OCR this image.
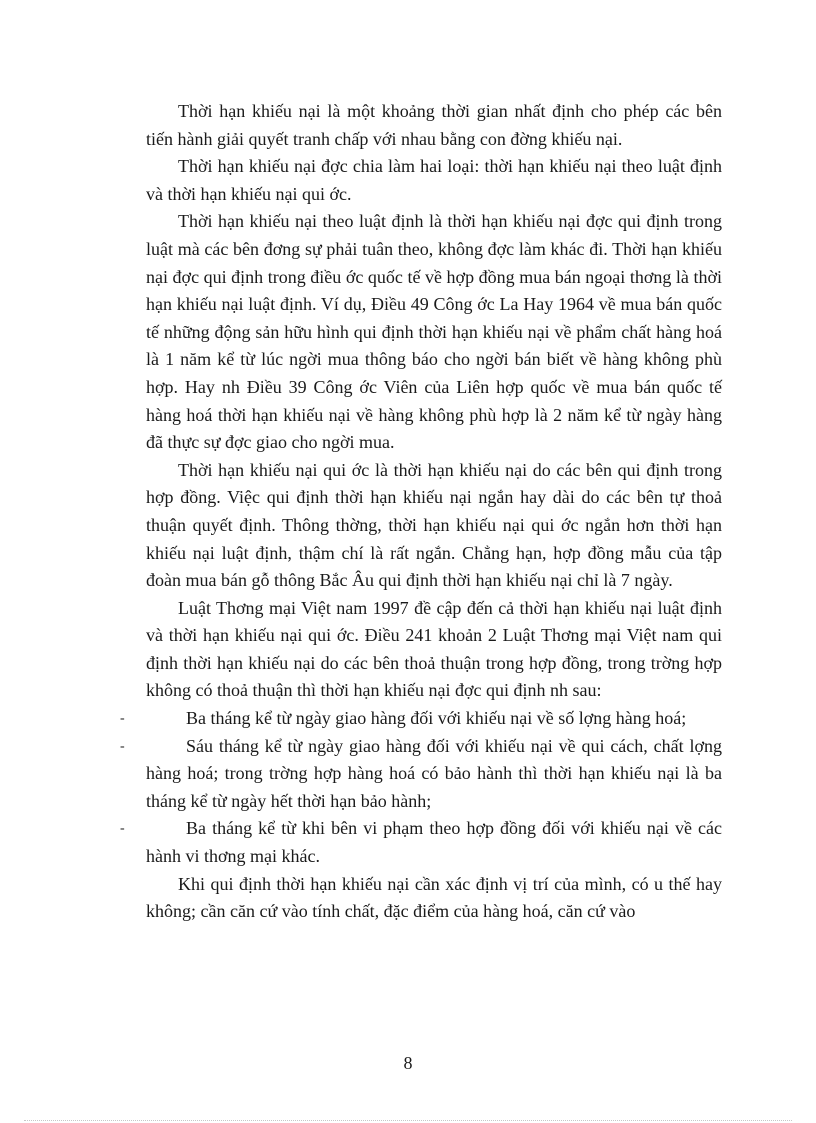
Thời hạn khiếu nại là một khoảng thời gian nhất định cho phép các bên tiến hành giải quyết tranh chấp với nhau bằng con đờng khiếu nại.

Thời hạn khiếu nại đợc chia làm hai loại: thời hạn khiếu nại theo luật định và thời hạn khiếu nại qui ớc.

Thời hạn khiếu nại theo luật định là thời hạn khiếu nại đợc qui định trong luật mà các bên đơng sự phải tuân theo, không đợc làm khác đi. Thời hạn khiếu nại đợc qui định trong điều ớc quốc tế về hợp đồng mua bán ngoại thơng là thời hạn khiếu nại luật định. Ví dụ, Điều 49 Công ớc La Hay 1964 về mua bán quốc tế những động sản hữu hình qui định thời hạn khiếu nại về phẩm chất hàng hoá là 1 năm kể từ lúc ngời mua thông báo cho ngời bán biết về hàng không phù hợp. Hay nh Điều 39 Công ớc Viên của Liên hợp quốc về mua bán quốc tế hàng hoá thời hạn khiếu nại về hàng không phù hợp là 2 năm kể từ ngày hàng đã thực sự đợc giao cho ngời mua.

Thời hạn khiếu nại qui ớc là thời hạn khiếu nại do các bên qui định trong hợp đồng. Việc qui định thời hạn khiếu nại ngắn hay dài do các bên tự thoả thuận quyết định. Thông thờng, thời hạn khiếu nại qui ớc ngắn hơn thời hạn khiếu nại luật định, thậm chí là rất ngắn. Chẳng hạn, hợp đồng mẫu của tập đoàn mua bán gỗ thông Bắc Âu qui định thời hạn khiếu nại chỉ là 7 ngày.

Luật Thơng mại Việt nam 1997 đề cập đến cả thời hạn khiếu nại luật định và thời hạn khiếu nại qui ớc. Điều 241 khoản 2 Luật Thơng mại Việt nam qui định thời hạn khiếu nại do các bên thoả thuận trong hợp đồng, trong trờng hợp không có thoả thuận thì thời hạn khiếu nại đợc qui định nh sau:

-	Ba tháng kể từ ngày giao hàng đối với khiếu nại về số lợng hàng hoá;
-	Sáu tháng kể từ ngày giao hàng đối với khiếu nại về qui cách, chất lợng hàng hoá; trong trờng hợp hàng hoá có bảo hành thì thời hạn khiếu nại là ba tháng kể từ ngày hết thời hạn bảo hành;
-	Ba tháng kể từ khi bên vi phạm theo hợp đồng đối với khiếu nại về các hành vi thơng mại khác.

Khi qui định thời hạn khiếu nại cần xác định vị trí của mình, có u thế hay không; cần căn cứ vào tính chất, đặc điểm của hàng hoá, căn cứ vào

8
